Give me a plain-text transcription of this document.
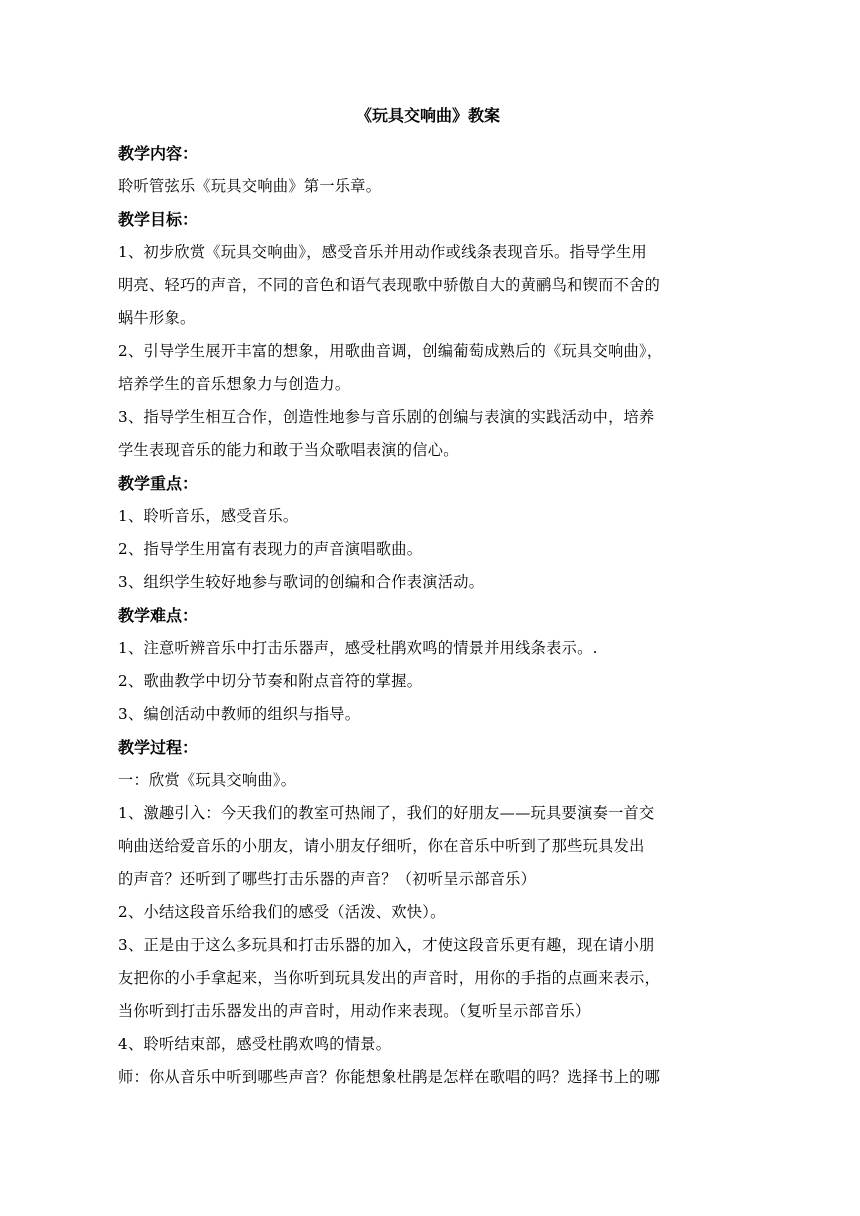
《玩具交响曲》教案
教学内容：
聆听管弦乐《玩具交响曲》第一乐章。
教学目标：
1、初步欣赏《玩具交响曲》，感受音乐并用动作或线条表现音乐。指导学生用
明亮、轻巧的声音，不同的音色和语气表现歌中骄傲自大的黄鹂鸟和锲而不舍的
蜗牛形象。
2、引导学生展开丰富的想象，用歌曲音调，创编葡萄成熟后的《玩具交响曲》，
培养学生的音乐想象力与创造力。
3、指导学生相互合作，创造性地参与音乐剧的创编与表演的实践活动中，培养
学生表现音乐的能力和敢于当众歌唱表演的信心。
教学重点：
1、聆听音乐，感受音乐。
2、指导学生用富有表现力的声音演唱歌曲。
3、组织学生较好地参与歌词的创编和合作表演活动。
教学难点：
1、注意听辨音乐中打击乐器声，感受杜鹃欢鸣的情景并用线条表示。.
2、歌曲教学中切分节奏和附点音符的掌握。
3、编创活动中教师的组织与指导。
教学过程：
一：欣赏《玩具交响曲》。
1、激趣引入：今天我们的教室可热闹了，我们的好朋友——玩具要演奏一首交
响曲送给爱音乐的小朋友，请小朋友仔细听，你在音乐中听到了那些玩具发出
的声音？还听到了哪些打击乐器的声音？（初听呈示部音乐）
2、小结这段音乐给我们的感受（活泼、欢快）。
3、正是由于这么多玩具和打击乐器的加入，才使这段音乐更有趣，现在请小朋
友把你的小手拿起来，当你听到玩具发出的声音时，用你的手指的点画来表示，
当你听到打击乐器发出的声音时，用动作来表现。（复听呈示部音乐）
4、聆听结束部，感受杜鹃欢鸣的情景。
师：你从音乐中听到哪些声音？你能想象杜鹃是怎样在歌唱的吗？选择书上的哪
